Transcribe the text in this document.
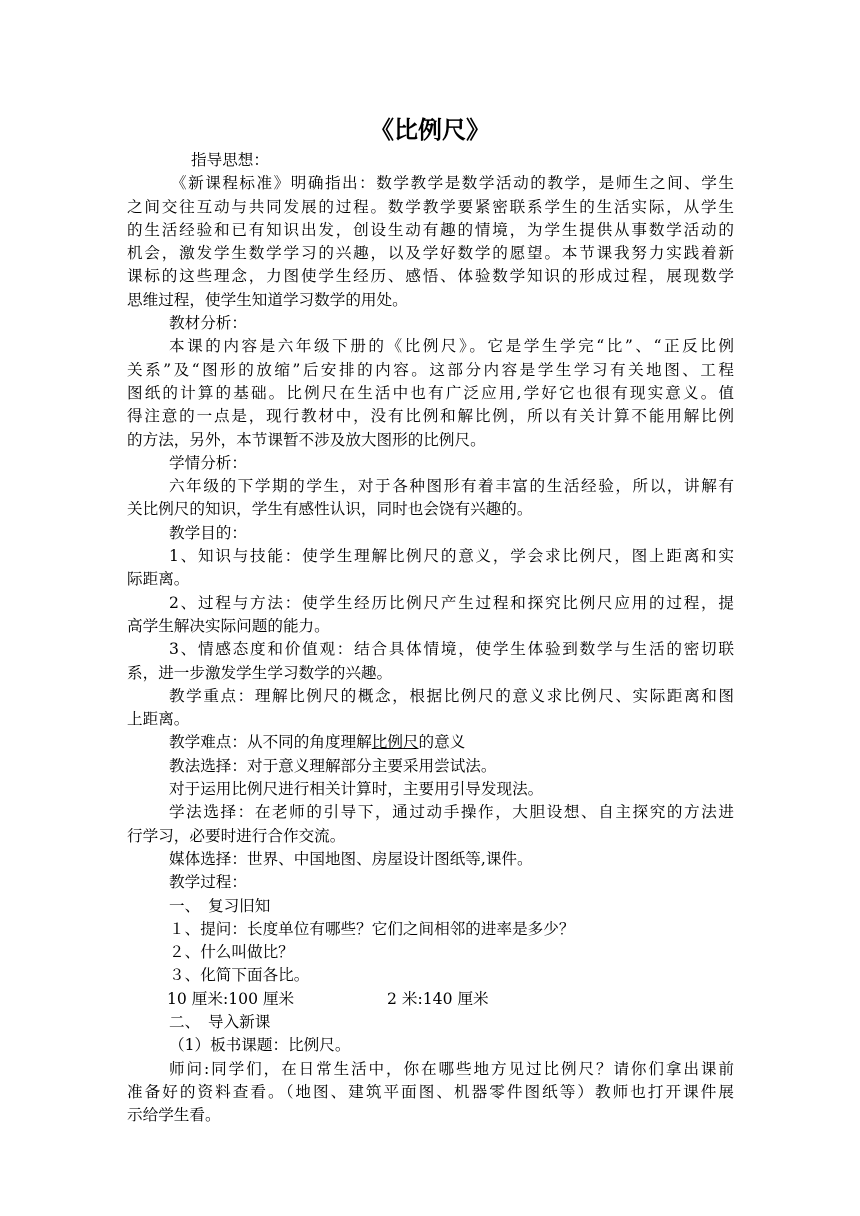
《比例尺》

指导思想：

《新课程标准》明确指出：数学教学是数学活动的教学，是师生之间、学生

之间交往互动与共同发展的过程。数学教学要紧密联系学生的生活实际，从学生

的生活经验和已有知识出发，创设生动有趣的情境，为学生提供从事数学活动的

机会，激发学生数学学习的兴趣，以及学好数学的愿望。本节课我努力实践着新

课标的这些理念，力图使学生经历、感悟、体验数学知识的形成过程，展现数学

思维过程，使学生知道学习数学的用处。

教材分析：

本课的内容是六年级下册的《比例尺》。它是学生学完“比”、“正反比例

关系”及“图形的放缩”后安排的内容。这部分内容是学生学习有关地图、工程

图纸的计算的基础。比例尺在生活中也有广泛应用,学好它也很有现实意义。值

得注意的一点是，现行教材中，没有比例和解比例，所以有关计算不能用解比例

的方法，另外，本节课暂不涉及放大图形的比例尺。

学情分析：

六年级的下学期的学生，对于各种图形有着丰富的生活经验，所以，讲解有

关比例尺的知识，学生有感性认识，同时也会饶有兴趣的。

教学目的：

1、知识与技能：使学生理解比例尺的意义，学会求比例尺，图上距离和实

际距离。

2、过程与方法：使学生经历比例尺产生过程和探究比例尺应用的过程，提

高学生解决实际问题的能力。

3、情感态度和价值观：结合具体情境，使学生体验到数学与生活的密切联

系，进一步激发学生学习数学的兴趣。

教学重点：理解比例尺的概念，根据比例尺的意义求比例尺、实际距离和图

上距离。

教学难点：从不同的角度理解比例尺的意义

教法选择：对于意义理解部分主要采用尝试法。

对于运用比例尺进行相关计算时，主要用引导发现法。

学法选择：在老师的引导下，通过动手操作，大胆设想、自主探究的方法进

行学习，必要时进行合作交流。

媒体选择：世界、中国地图、房屋设计图纸等,课件。

教学过程：

一、　复习旧知

１、提问：长度单位有哪些？它们之间相邻的进率是多少？

２、什么叫做比？

３、化简下面各比。

10 厘米:100 厘米	2 米:140 厘米

二、　导入新课

（1）板书课题：比例尺。

师问:同学们，在日常生活中，你在哪些地方见过比例尺？请你们拿出课前

准备好的资料查看。（地图、建筑平面图、机器零件图纸等）教师也打开课件展

示给学生看。
